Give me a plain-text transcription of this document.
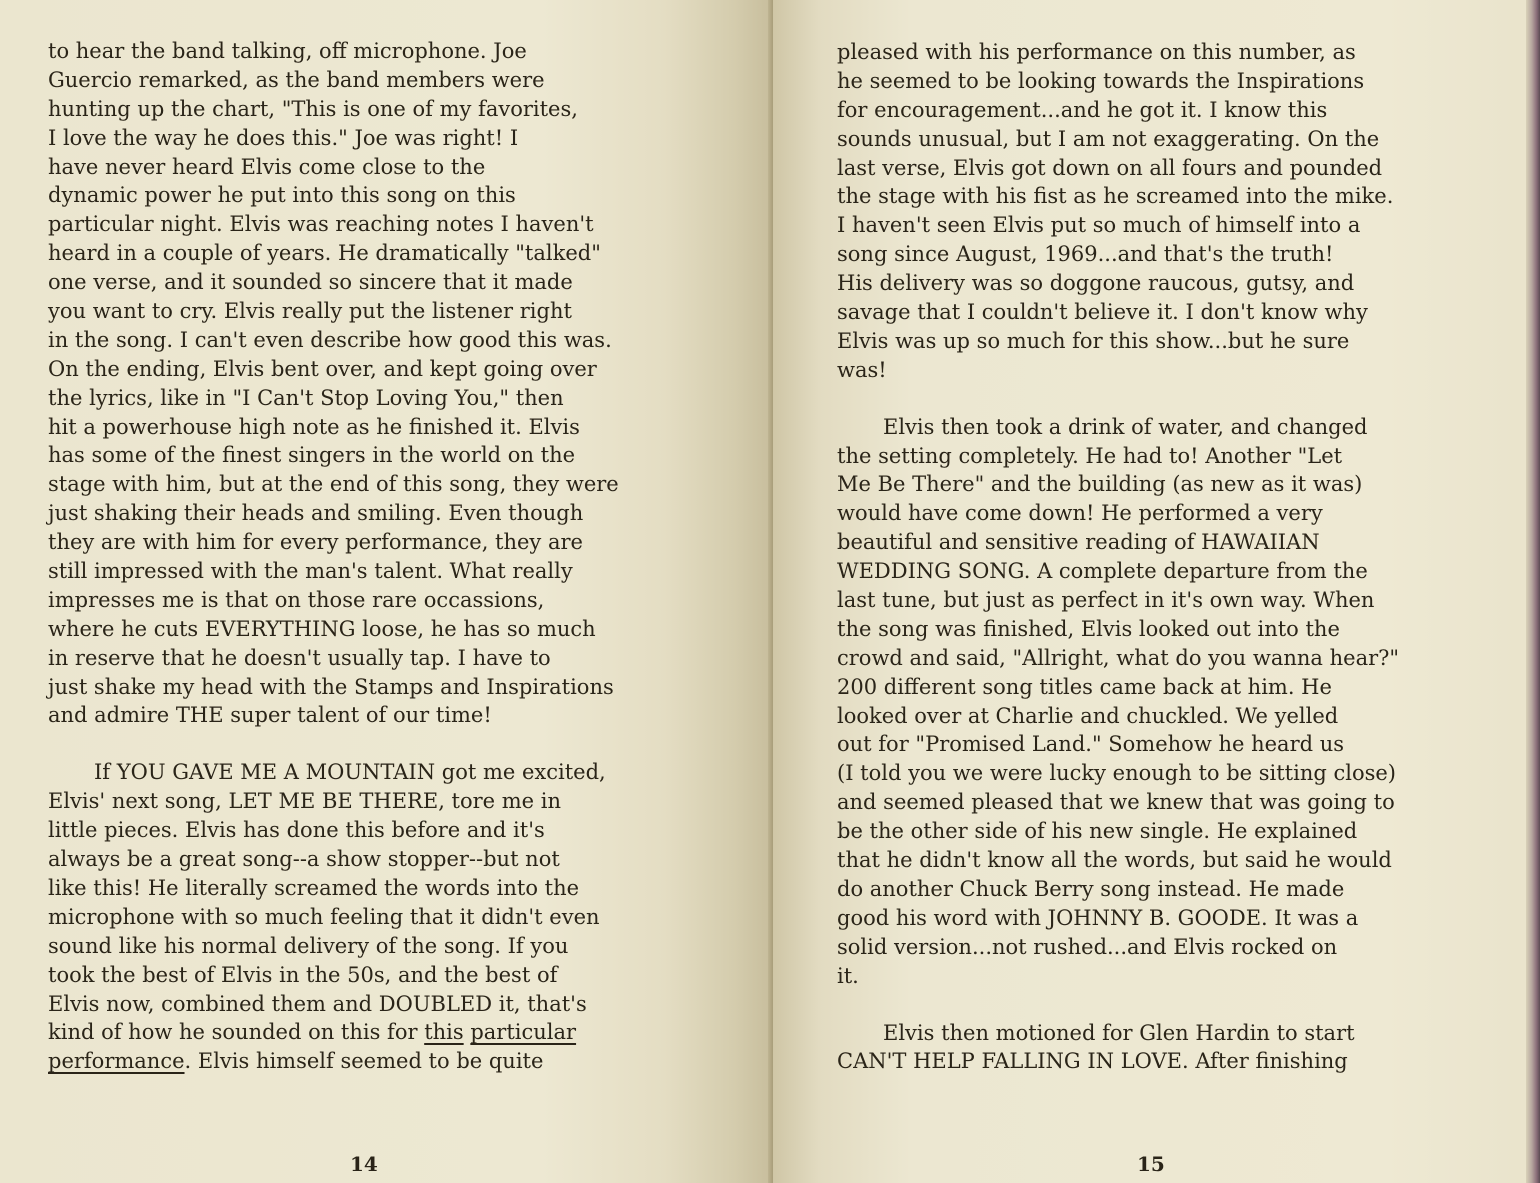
to hear the band talking, off microphone. Joe
Guercio remarked, as the band members were
hunting up the chart, "This is one of my favorites,
I love the way he does this." Joe was right! I
have never heard Elvis come close to the
dynamic power he put into this song on this
particular night. Elvis was reaching notes I haven't
heard in a couple of years. He dramatically "talked"
one verse, and it sounded so sincere that it made
you want to cry. Elvis really put the listener right
in the song. I can't even describe how good this was.
On the ending, Elvis bent over, and kept going over
the lyrics, like in "I Can't Stop Loving You," then
hit a powerhouse high note as he finished it. Elvis
has some of the finest singers in the world on the
stage with him, but at the end of this song, they were
just shaking their heads and smiling. Even though
they are with him for every performance, they are
still impressed with the man's talent. What really
impresses me is that on those rare occassions,
where he cuts EVERYTHING loose, he has so much
in reserve that he doesn't usually tap. I have to
just shake my head with the Stamps and Inspirations
and admire THE super talent of our time!
If YOU GAVE ME A MOUNTAIN got me excited,
Elvis' next song, LET ME BE THERE, tore me in
little pieces. Elvis has done this before and it's
always be a great song--a show stopper--but not
like this! He literally screamed the words into the
microphone with so much feeling that it didn't even
sound like his normal delivery of the song. If you
took the best of Elvis in the 50s, and the best of
Elvis now, combined them and DOUBLED it, that's
kind of how he sounded on this for this particular
performance. Elvis himself seemed to be quite
14
pleased with his performance on this number, as
he seemed to be looking towards the Inspirations
for encouragement...and he got it. I know this
sounds unusual, but I am not exaggerating. On the
last verse, Elvis got down on all fours and pounded
the stage with his fist as he screamed into the mike.
I haven't seen Elvis put so much of himself into a
song since August, 1969...and that's the truth!
His delivery was so doggone raucous, gutsy, and
savage that I couldn't believe it. I don't know why
Elvis was up so much for this show...but he sure
was!
Elvis then took a drink of water, and changed
the setting completely. He had to! Another "Let
Me Be There" and the building (as new as it was)
would have come down! He performed a very
beautiful and sensitive reading of HAWAIIAN
WEDDING SONG. A complete departure from the
last tune, but just as perfect in it's own way. When
the song was finished, Elvis looked out into the
crowd and said, "Allright, what do you wanna hear?"
200 different song titles came back at him. He
looked over at Charlie and chuckled. We yelled
out for "Promised Land." Somehow he heard us
(I told you we were lucky enough to be sitting close)
and seemed pleased that we knew that was going to
be the other side of his new single. He explained
that he didn't know all the words, but said he would
do another Chuck Berry song instead. He made
good his word with JOHNNY B. GOODE. It was a
solid version...not rushed...and Elvis rocked on
it.
Elvis then motioned for Glen Hardin to start
CAN'T HELP FALLING IN LOVE. After finishing
15
